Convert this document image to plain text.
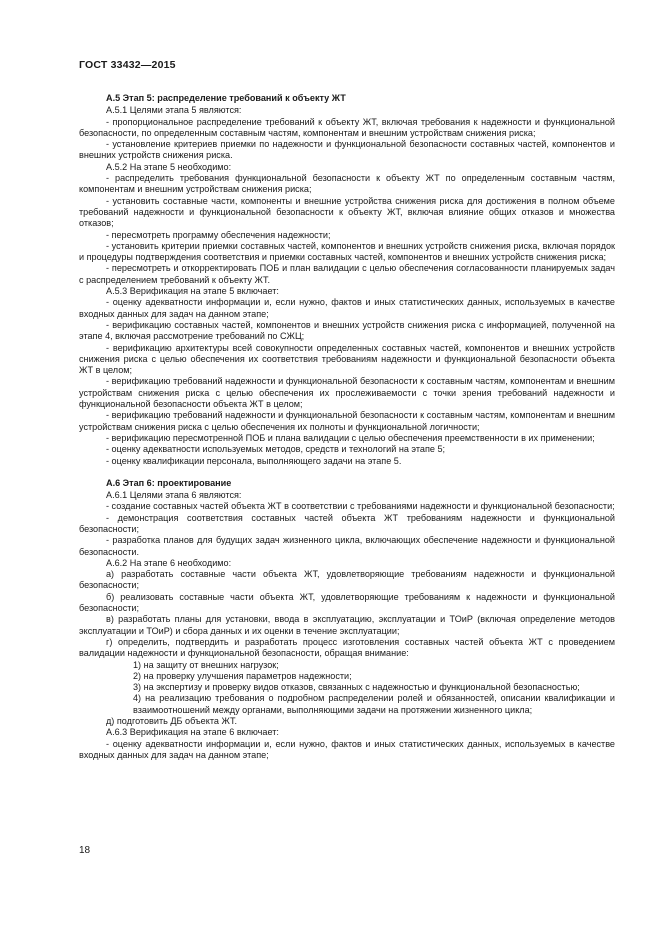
ГОСТ 33432—2015

А.5 Этап 5: распределение требований к объекту ЖТ

А.5.1 Целями этапа 5 являются:

- пропорциональное распределение требований к объекту ЖТ, включая требования к надежности и функциональной безопасности, по определенным составным частям, компонентам и внешним устройствам снижения риска;

- установление критериев приемки по надежности и функциональной безопасности составных частей, компонентов и внешних устройств снижения риска.

А.5.2 На этапе 5 необходимо:

- распределить требования функциональной безопасности к объекту ЖТ по определенным составным частям, компонентам и внешним устройствам снижения риска;

- установить составные части, компоненты и внешние устройства снижения риска для достижения в полном объеме требований надежности и функциональной безопасности к объекту ЖТ, включая влияние общих отказов и множества отказов;

- пересмотреть программу обеспечения надежности;

- установить критерии приемки составных частей, компонентов и внешних устройств снижения риска, включая порядок и процедуры подтверждения соответствия и приемки составных частей, компонентов и внешних устройств снижения риска;

- пересмотреть и откорректировать ПОБ и план валидации с целью обеспечения согласованности планируемых задач с распределением требований к объекту ЖТ.

А.5.3 Верификация на этапе 5 включает:

- оценку адекватности информации и, если нужно, фактов и иных статистических данных, используемых в качестве входных данных для задач на данном этапе;

- верификацию составных частей, компонентов и внешних устройств снижения риска с информацией, полученной на этапе 4, включая рассмотрение требований по СЖЦ;

- верификацию архитектуры всей совокупности определенных составных частей, компонентов и внешних устройств снижения риска с целью обеспечения их соответствия требованиям надежности и функциональной безопасности объекта ЖТ в целом;

- верификацию требований надежности и функциональной безопасности к составным частям, компонентам и внешним устройствам снижения риска с целью обеспечения их прослеживаемости с точки зрения требований надежности и функциональной безопасности объекта ЖТ в целом;

- верификацию требований надежности и функциональной безопасности к составным частям, компонентам и внешним устройствам снижения риска с целью обеспечения их полноты и функциональной логичности;

- верификацию пересмотренной ПОБ и плана валидации с целью обеспечения преемственности в их применении;

- оценку адекватности используемых методов, средств и технологий на этапе 5;

- оценку квалификации персонала, выполняющего задачи на этапе 5.

А.6 Этап 6: проектирование

А.6.1 Целями этапа 6 являются:

- создание составных частей объекта ЖТ в соответствии с требованиями надежности и функциональной безопасности;

- демонстрация соответствия составных частей объекта ЖТ требованиям надежности и функциональной безопасности;

- разработка планов для будущих задач жизненного цикла, включающих обеспечение надежности и функциональной безопасности.

А.6.2 На этапе 6 необходимо:

а) разработать составные части объекта ЖТ, удовлетворяющие требованиям надежности и функциональной безопасности;

б) реализовать составные части объекта ЖТ, удовлетворяющие требованиям к надежности и функциональной безопасности;

в) разработать планы для установки, ввода в эксплуатацию, эксплуатации и ТОиР (включая определение методов эксплуатации и ТОиР) и сбора данных и их оценки в течение эксплуатации;

г) определить, подтвердить и разработать процесс изготовления составных частей объекта ЖТ с проведением валидации надежности и функциональной безопасности, обращая внимание:

1) на защиту от внешних нагрузок;

2) на проверку улучшения параметров надежности;

3) на экспертизу и проверку видов отказов, связанных с надежностью и функциональной безопасностью;

4) на реализацию требования о подробном распределении ролей и обязанностей, описании квалификации и взаимоотношений между органами, выполняющими задачи на протяжении жизненного цикла;

д) подготовить ДБ объекта ЖТ.

А.6.3 Верификация на этапе 6 включает:

- оценку адекватности информации и, если нужно, фактов и иных статистических данных, используемых в качестве входных данных для задач на данном этапе;

18
